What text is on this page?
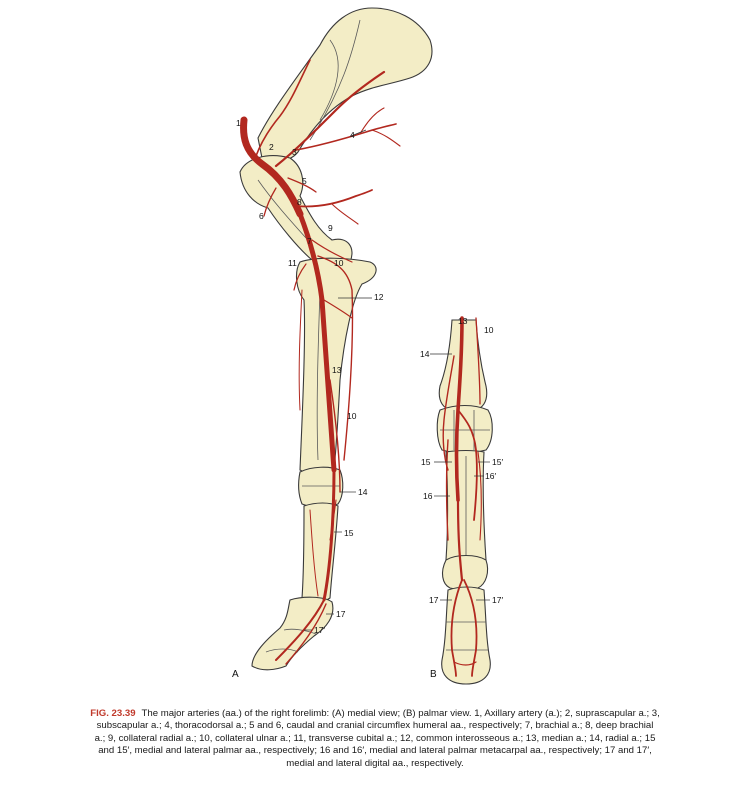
1
2 3
4
5
6
8
9
7
11	10
12
13
10
14
15
17
17′
A
13
10
14
15	15′
16′
16
17	17′
B
FIG. 23.39 The major arteries (aa.) of the right forelimb: (A) medial view; (B) palmar view. 1, Axillary artery (a.); 2, suprascapular a.; 3, subscapular a.; 4, thoracodorsal a.; 5 and 6, caudal and cranial circumflex humeral aa., respectively; 7, brachial a.; 8, deep brachial a.; 9, collateral radial a.; 10, collateral ulnar a.; 11, transverse cubital a.; 12, common interosseous a.; 13, median a.; 14, radial a.; 15 and 15′, medial and lateral palmar aa., respectively; 16 and 16′, medial and lateral palmar metacarpal aa., respectively; 17 and 17′, medial and lateral digital aa., respectively.
